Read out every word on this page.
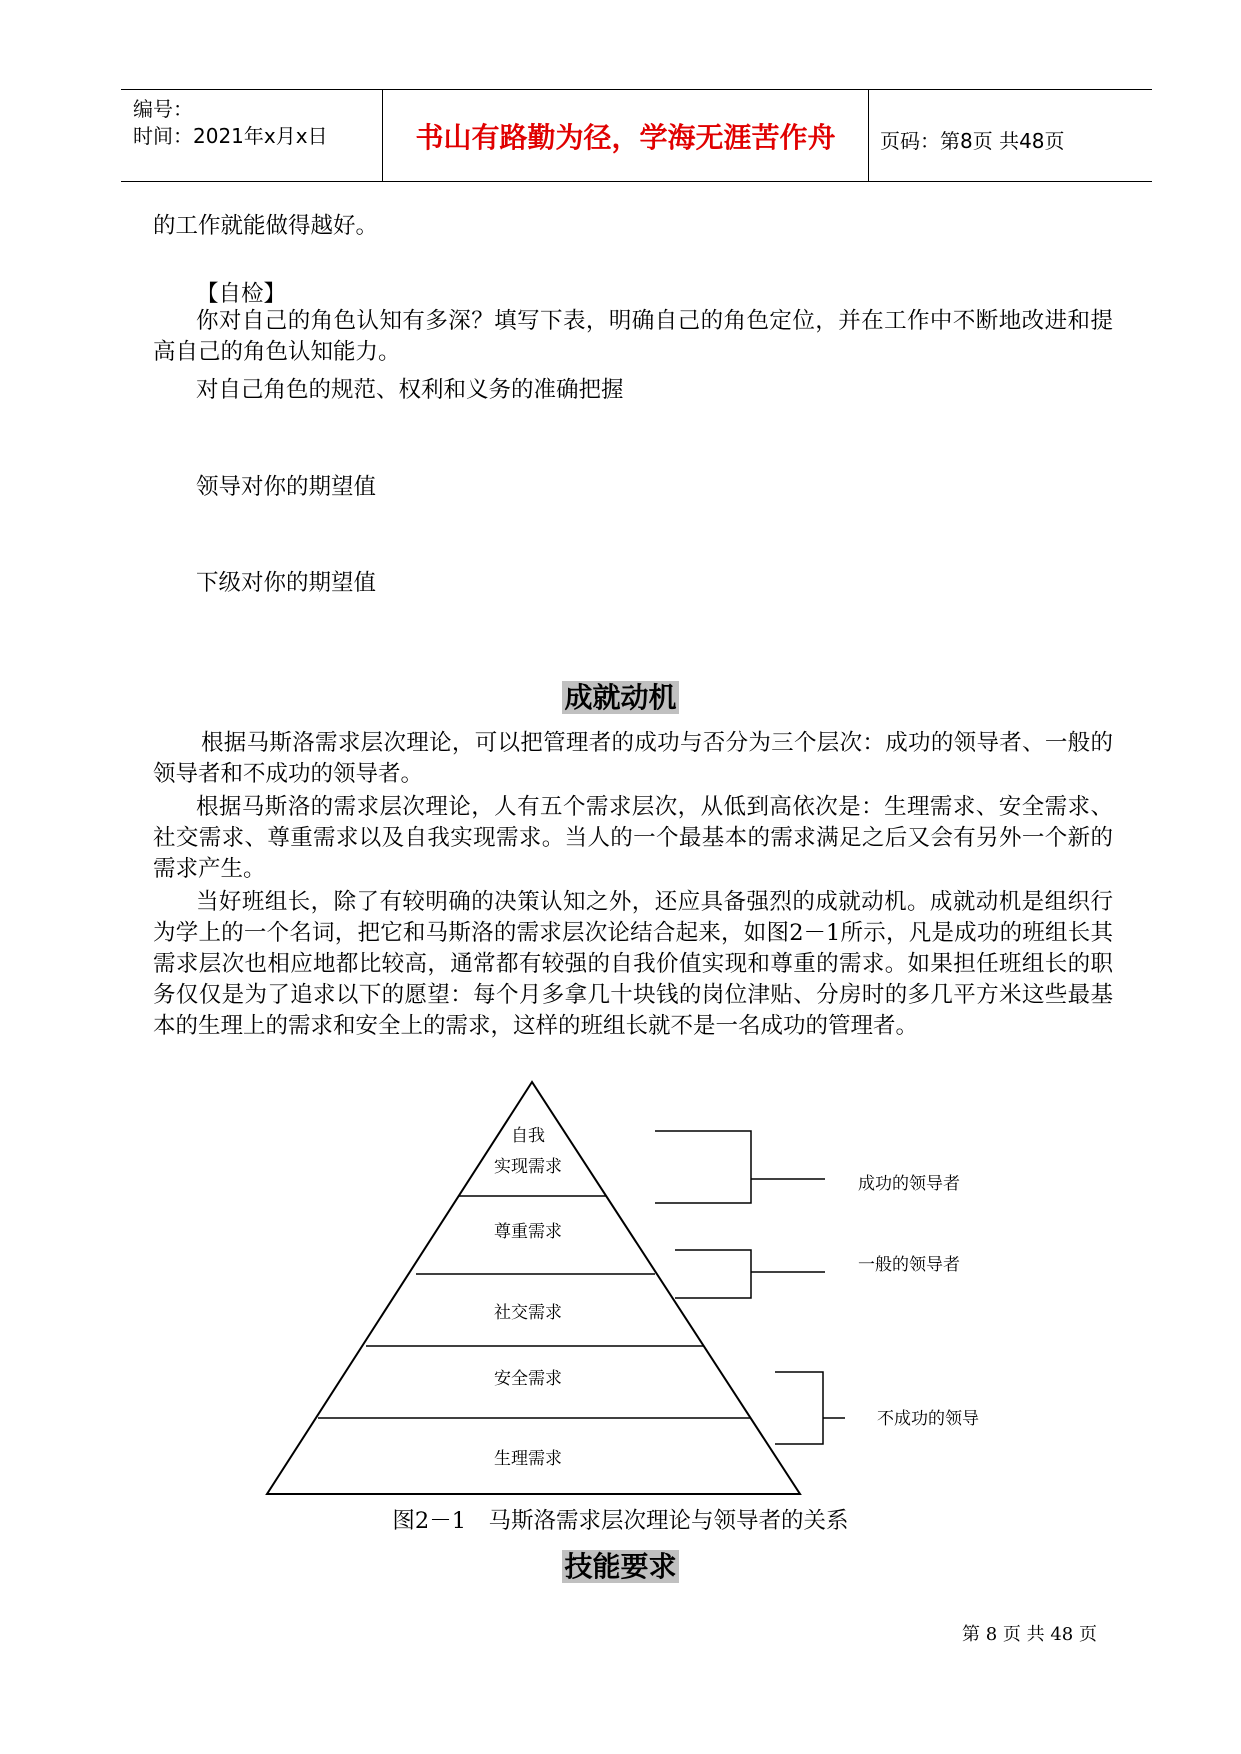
编号：
时间：2021年x月x日	书山有路勤为径，学海无涯苦作舟	页码：第8页 共48页
的工作就能做得越好。
【自检】
你对自己的角色认知有多深？填写下表，明确自己的角色定位，并在工作中不断地改进和提高自己的角色认知能力。
对自己角色的规范、权利和义务的准确把握
领导对你的期望值
下级对你的期望值
成就动机
根据马斯洛需求层次理论，可以把管理者的成功与否分为三个层次：成功的领导者、一般的领导者和不成功的领导者。
根据马斯洛的需求层次理论，人有五个需求层次，从低到高依次是：生理需求、安全需求、社交需求、尊重需求以及自我实现需求。当人的一个最基本的需求满足之后又会有另外一个新的需求产生。
当好班组长，除了有较明确的决策认知之外，还应具备强烈的成就动机。成就动机是组织行为学上的一个名词，把它和马斯洛的需求层次论结合起来，如图2－1所示，凡是成功的班组长其需求层次也相应地都比较高，通常都有较强的自我价值实现和尊重的需求。如果担任班组长的职务仅仅是为了追求以下的愿望：每个月多拿几十块钱的岗位津贴、分房时的多几平方米这些最基本的生理上的需求和安全上的需求，这样的班组长就不是一名成功的管理者。
自我
实现需求
尊重需求
社交需求
安全需求
生理需求
成功的领导者
一般的领导者
不成功的领导
图2－1　马斯洛需求层次理论与领导者的关系
技能要求
第 8 页 共 48 页
